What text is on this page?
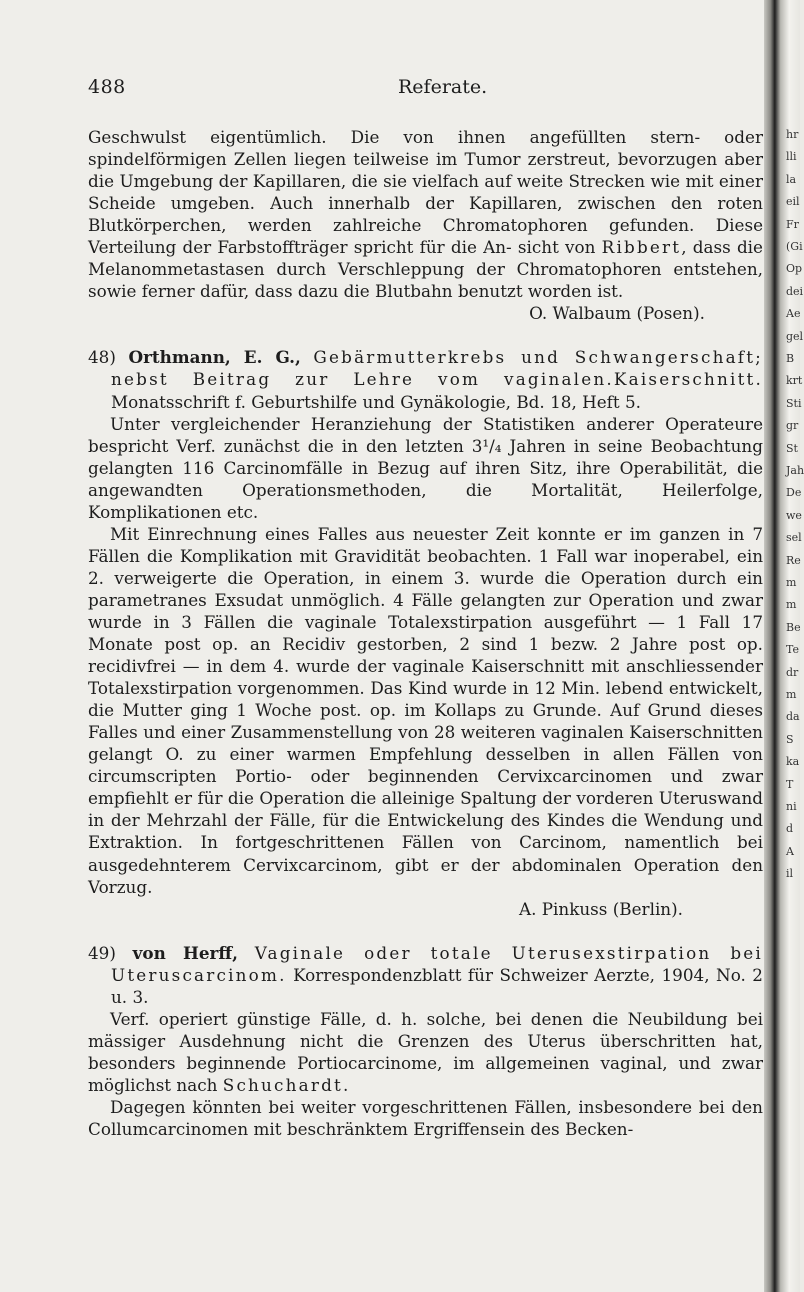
488	Referate.

Geschwulst eigentümlich. Die von ihnen angefüllten stern- oder spindelförmigen Zellen liegen teilweise im Tumor zerstreut, bevorzugen aber die Umgebung der Kapillaren, die sie vielfach auf weite Strecken wie mit einer Scheide umgeben. Auch innerhalb der Kapillaren, zwischen den roten Blutkörperchen, werden zahlreiche Chromatophoren gefunden. Diese Verteilung der Farbstoffträger spricht für die An- sicht von Ribbert, dass die Melanommetastasen durch Verschleppung der Chromatophoren entstehen, sowie ferner dafür, dass dazu die Blutbahn benutzt worden ist.

O. Walbaum (Posen).

48) Orthmann, E. G., Gebärmutterkrebs und Schwangerschaft; nebst Beitrag zur Lehre vom vaginalen.Kaiserschnitt. Monatsschrift f. Geburtshilfe und Gynäkologie, Bd. 18, Heft 5.

Unter vergleichender Heranziehung der Statistiken anderer Operateure bespricht Verf. zunächst die in den letzten 3¹/₄ Jahren in seine Beobachtung gelangten 116 Carcinomfälle in Bezug auf ihren Sitz, ihre Operabilität, die angewandten Operationsmethoden, die Mortalität, Heilerfolge, Komplikationen etc.

Mit Einrechnung eines Falles aus neuester Zeit konnte er im ganzen in 7 Fällen die Komplikation mit Gravidität beobachten. 1 Fall war inoperabel, ein 2. verweigerte die Operation, in einem 3. wurde die Operation durch ein parametranes Exsudat unmöglich. 4 Fälle gelangten zur Operation und zwar wurde in 3 Fällen die vaginale Totalexstirpation ausgeführt — 1 Fall 17 Monate post op. an Recidiv gestorben, 2 sind 1 bezw. 2 Jahre post op. recidivfrei — in dem 4. wurde der vaginale Kaiserschnitt mit anschliessender Totalexstirpation vorgenommen. Das Kind wurde in 12 Min. lebend entwickelt, die Mutter ging 1 Woche post. op. im Kollaps zu Grunde. Auf Grund dieses Falles und einer Zusammenstellung von 28 weiteren vaginalen Kaiserschnitten gelangt O. zu einer warmen Empfehlung desselben in allen Fällen von circumscripten Portio- oder beginnenden Cervixcarcinomen und zwar empfiehlt er für die Operation die alleinige Spaltung der vorderen Uteruswand in der Mehrzahl der Fälle, für die Entwickelung des Kindes die Wendung und Extraktion. In fortgeschrittenen Fällen von Carcinom, namentlich bei ausgedehnterem Cervixcarcinom, gibt er der abdominalen Operation den Vorzug.

A. Pinkuss (Berlin).

49) von Herff, Vaginale oder totale Uterusexstirpation bei Uteruscarcinom. Korrespondenzblatt für Schweizer Aerzte, 1904, No. 2 u. 3.

Verf. operiert günstige Fälle, d. h. solche, bei denen die Neubildung bei mässiger Ausdehnung nicht die Grenzen des Uterus überschritten hat, besonders beginnende Portiocarcinome, im allgemeinen vaginal, und zwar möglichst nach Schuchardt.

Dagegen könnten bei weiter vorgeschrittenen Fällen, insbesondere bei den Collumcarcinomen mit beschränktem Ergriffensein des Becken-

hr
lli
la
eil
Fr
(Gi
Op
dei
Ae
gel
B
krt
Sti
gr
St
Jah
De
we
sel
Re
m
m
Be
Te
dr
m
da
S
ka
T
ni
d
A
il
